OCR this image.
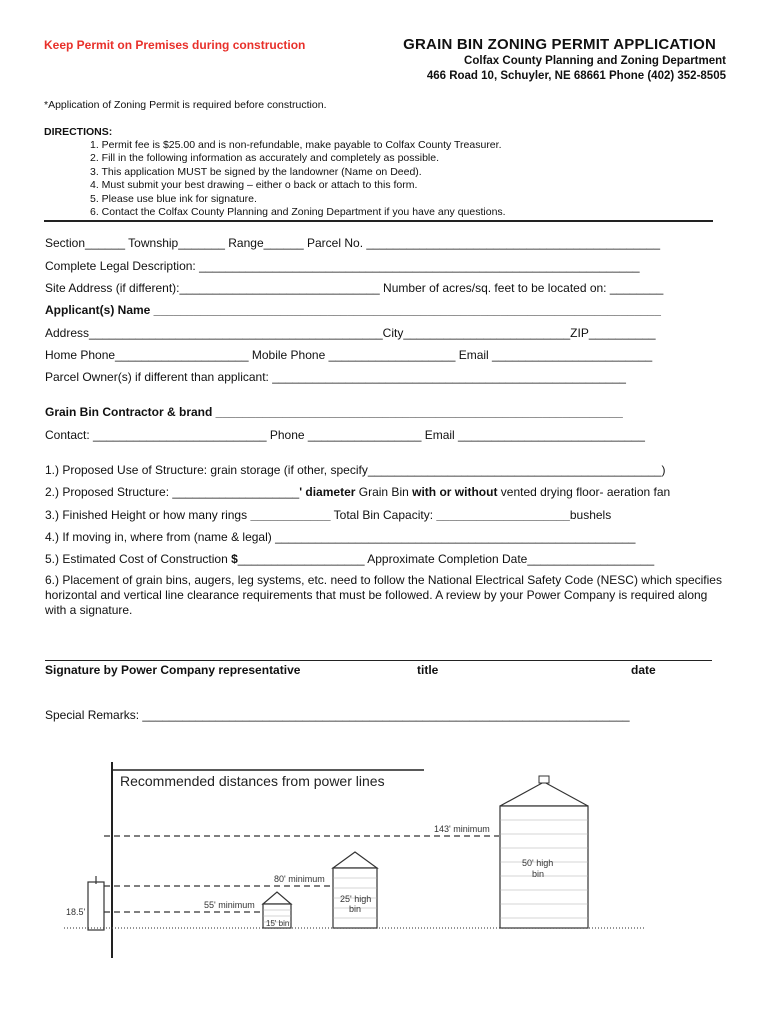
Keep Permit on Premises during construction	GRAIN BIN ZONING PERMIT APPLICATION
Colfax County Planning and Zoning Department
466 Road 10, Schuyler, NE 68661 Phone (402) 352-8505
*Application of Zoning Permit is required before construction.
DIRECTIONS:
1. Permit fee is $25.00 and is non-refundable, make payable to Colfax County Treasurer.
2. Fill in the following information as accurately and completely as possible.
3. This application MUST be signed by the landowner (Name on Deed).
4. Must submit your best drawing – either o back or attach to this form.
5. Please use blue ink for signature.
6. Contact the Colfax County Planning and Zoning Department if you have any questions.
Section______ Township_______ Range______ Parcel No. ____________________________________________
Complete Legal Description: __________________________________________________________________
Site Address (if different):______________________________ Number of acres/sq. feet to be located on: ________
Applicant(s) Name ____________________________________________________________________________
Address____________________________________________City_________________________ZIP__________
Home Phone____________________ Mobile Phone ___________________ Email ________________________
Parcel Owner(s) if different than applicant: _____________________________________________________
Grain Bin Contractor & brand _____________________________________________________________
Contact: __________________________ Phone _________________ Email ____________________________
1.) Proposed Use of Structure: grain storage (if other, specify____________________________________________)
2.) Proposed Structure: ___________________' diameter Grain Bin with or without vented drying floor- aeration fan
3.) Finished Height or how many rings ____________ Total Bin Capacity: ____________________bushels
4.) If moving in, where from (name & legal) ______________________________________________________
5.) Estimated Cost of Construction $___________________ Approximate Completion Date___________________
6.) Placement of grain bins, augers, leg systems, etc. need to follow the National Electrical Safety Code (NESC) which specifies horizontal and vertical line clearance requirements that must be followed. A review by your Power Company is required along with a signature.
Signature by Power Company representative	title	date
Special Remarks: _________________________________________________________________________
Recommended distances from power lines
18.5'
143' minimum
80' minimum
55' minimum
15' bin
25' high
bin
50' high
bin
